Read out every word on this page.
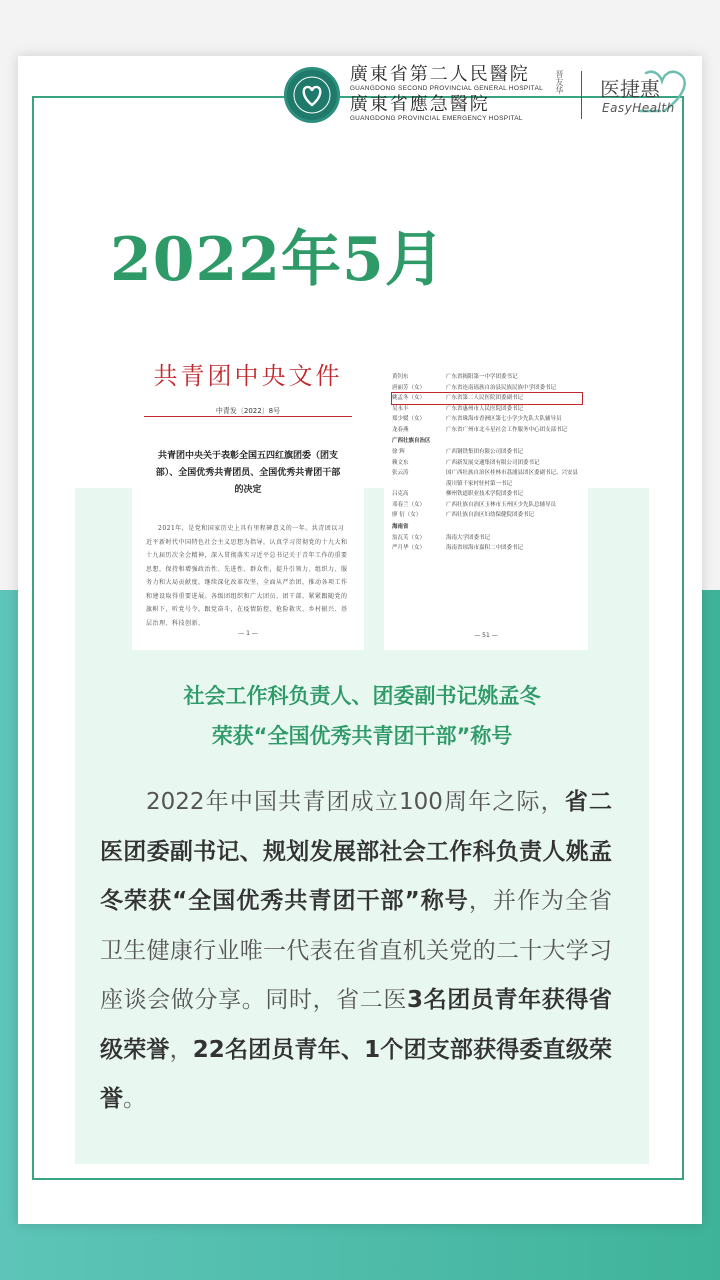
廣東省第二人民醫院
GUANGDONG SECOND PROVINCIAL GENERAL HOSPITAL
廣東省應急醫院
GUANGDONG PROVINCIAL EMERGENCY HOSPITAL
晋友华 医捷惠
EasyHealth
2022年5月
共青团中央文件
中青发〔2022〕8号
共青团中央关于表彰全国五四红旗团委（团支部）、全国优秀共青团员、全国优秀共青团干部的决定
2021年，是党和国家历史上具有里程碑意义的一年。共青团以习近平新时代中国特色社会主义思想为指导，认真学习贯彻党的十九大和十九届历次全会精神，深入贯彻落实习近平总书记关于青年工作的重要思想，保持和增强政治性、先进性、群众性，提升引领力、组织力、服务力和大局贡献度，继续深化改革攻坚，全面从严治团，推动各项工作和建设取得重要进展。各级团组织和广大团员、团干部，紧紧跟随党的旗帜下，听党号令，跟党奋斗，在疫情防控、抢险救灾、乡村振兴、基层治理、科技创新、
— 1 —
黄钊东	广东省揭阳第一中学团委书记
唐丽芳（女）	广东省连南瑶族自治县民族民族中学团委书记
姚孟冬（女）	广东省第二人民医院团委副书记
吴永丰	广东省惠州市人民医院团委书记
郑少媛（女）	广东省珠海市香洲区第七小学少先队大队辅导员
龙春燕	广东省广州市北斗星社会工作服务中心团支部书记
广西壮族自治区
徐 辉	广西钢铁集团有限公司团委书记
赖文东	广西新发展交通集团有限公司团委书记
张云涛	国广西壮族自治区桂林市荔浦县团区委副书记、兴安县漠川镇千家村驻村第一书记
吕克高	柳州铁道职业技术学院团委书记
邓春兰（女）	广西壮族自治区玉林市玉州区少先队总辅导员
廖 衍（女）	广西壮族自治区妇幼保健院团委书记
海南省
翁瓦芙（女）	海南大学团委书记
严月华（女）	海南省琼海市嘉积二中团委书记
— 51 —
社会工作科负责人、团委副书记姚孟冬
荣获“全国优秀共青团干部”称号
2022年中国共青团成立100周年之际，省二医团委副书记、规划发展部社会工作科负责人姚孟冬荣获“全国优秀共青团干部”称号，并作为全省卫生健康行业唯一代表在省直机关党的二十大学习座谈会做分享。同时，省二医3名团员青年获得省级荣誉，22名团员青年、1个团支部获得委直级荣誉。
